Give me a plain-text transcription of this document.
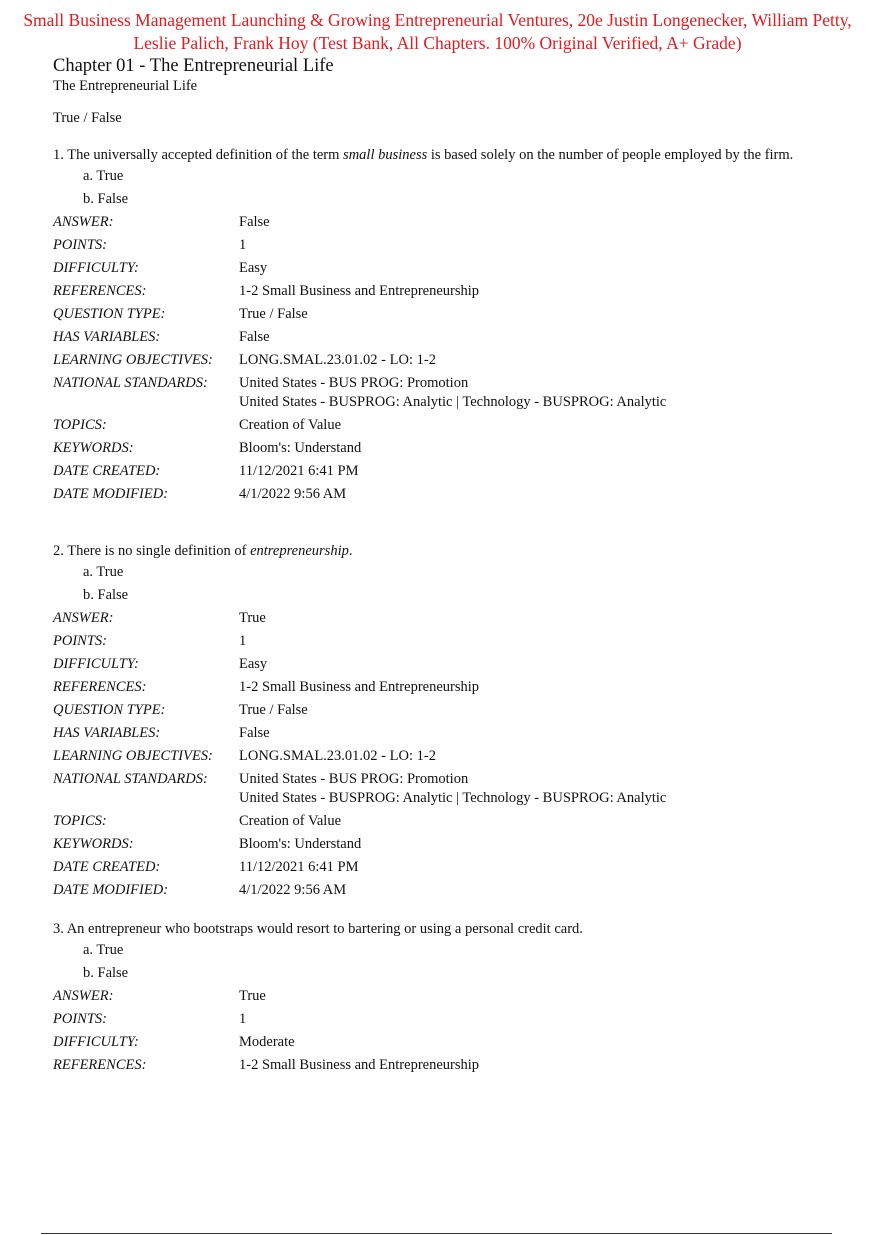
Small Business Management Launching & Growing Entrepreneurial Ventures, 20e Justin Longenecker, William Petty, Leslie Palich, Frank Hoy (Test Bank, All Chapters. 100% Original Verified, A+ Grade)
Chapter 01 - The Entrepreneurial Life
The Entrepreneurial Life
True / False

1. The universally accepted definition of the term small business is based solely on the number of people employed by the firm.

a. True
b. False
ANSWER:	False
POINTS:	1
DIFFICULTY:	Easy
REFERENCES:	1-2 Small Business and Entrepreneurship
QUESTION TYPE:	True / False
HAS VARIABLES:	False
LEARNING OBJECTIVES:	LONG.SMAL.23.01.02 - LO: 1-2
NATIONAL STANDARDS:	United States - BUS PROG: Promotion
United States - BUSPROG: Analytic | Technology - BUSPROG: Analytic
TOPICS:	Creation of Value
KEYWORDS:	Bloom's: Understand
DATE CREATED:	11/12/2021 6:41 PM
DATE MODIFIED:	4/1/2022 9:56 AM

2. There is no single definition of entrepreneurship.

a. True
b. False
ANSWER:	True
POINTS:	1
DIFFICULTY:	Easy
REFERENCES:	1-2 Small Business and Entrepreneurship
QUESTION TYPE:	True / False
HAS VARIABLES:	False
LEARNING OBJECTIVES:	LONG.SMAL.23.01.02 - LO: 1-2
NATIONAL STANDARDS:	United States - BUS PROG: Promotion
United States - BUSPROG: Analytic | Technology - BUSPROG: Analytic
TOPICS:	Creation of Value
KEYWORDS:	Bloom's: Understand
DATE CREATED:	11/12/2021 6:41 PM
DATE MODIFIED:	4/1/2022 9:56 AM

3. An entrepreneur who bootstraps would resort to bartering or using a personal credit card.

a. True
b. False
ANSWER:	True
POINTS:	1
DIFFICULTY:	Moderate
REFERENCES:	1-2 Small Business and Entrepreneurship
